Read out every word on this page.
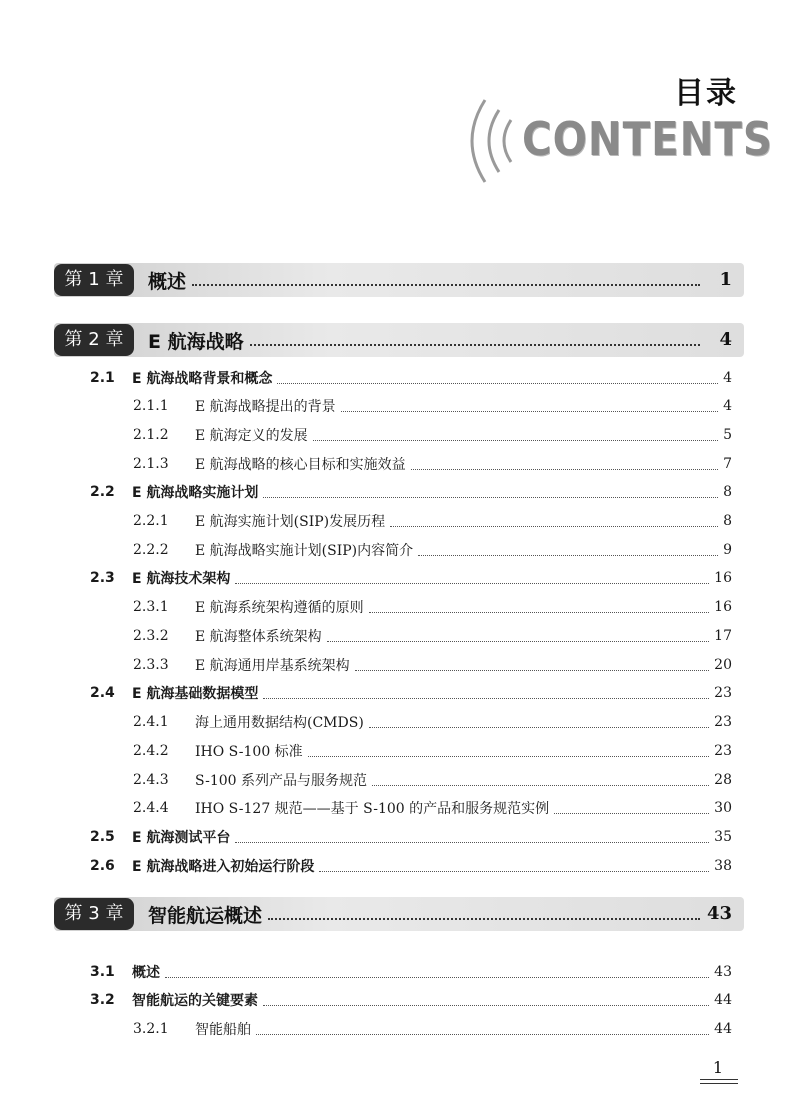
目录
CONTENTS
第 1 章	概述	1
第 2 章	E 航海战略	4
2.1	E 航海战略背景和概念	4
2.1.1	E 航海战略提出的背景	4
2.1.2	E 航海定义的发展	5
2.1.3	E 航海战略的核心目标和实施效益	7
2.2	E 航海战略实施计划	8
2.2.1	E 航海实施计划(SIP)发展历程	8
2.2.2	E 航海战略实施计划(SIP)内容简介	9
2.3	E 航海技术架构	16
2.3.1	E 航海系统架构遵循的原则	16
2.3.2	E 航海整体系统架构	17
2.3.3	E 航海通用岸基系统架构	20
2.4	E 航海基础数据模型	23
2.4.1	海上通用数据结构(CMDS)	23
2.4.2	IHO S-100 标准	23
2.4.3	S-100 系列产品与服务规范	28
2.4.4	IHO S-127 规范——基于 S-100 的产品和服务规范实例	30
2.5	E 航海测试平台	35
2.6	E 航海战略进入初始运行阶段	38
第 3 章	智能航运概述	43
3.1	概述	43
3.2	智能航运的关键要素	44
3.2.1	智能船舶	44
1
